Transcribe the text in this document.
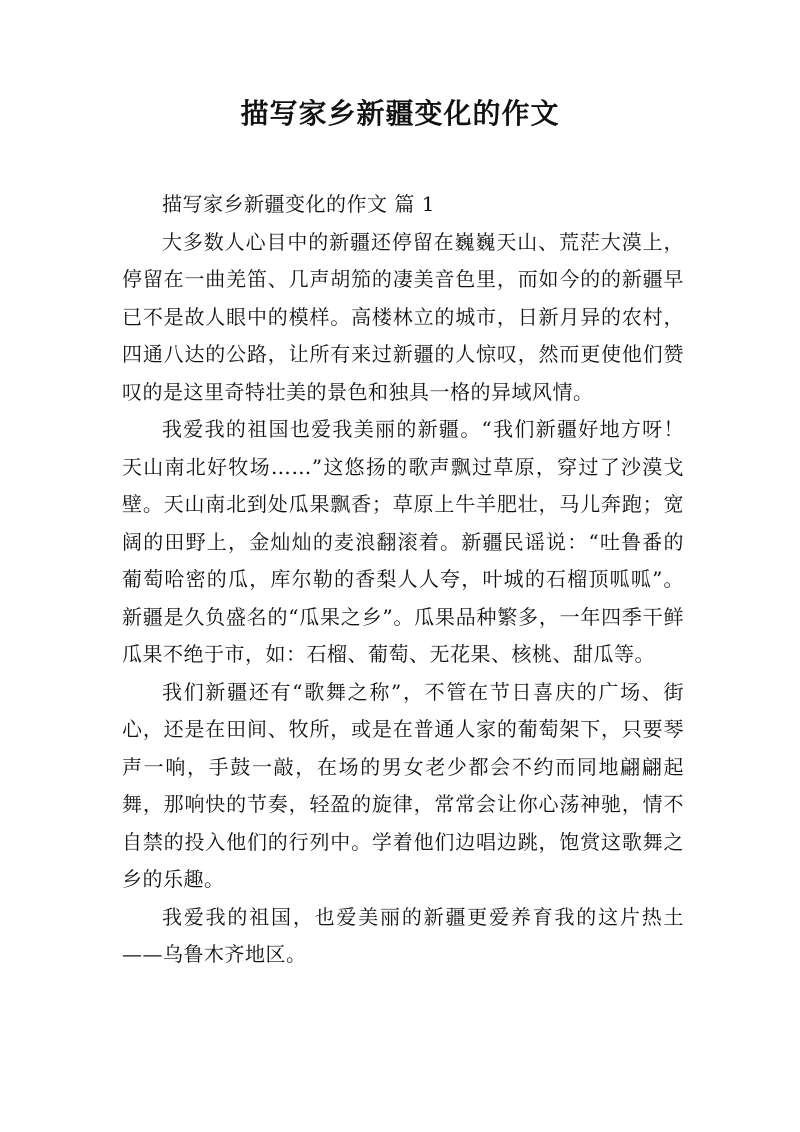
描写家乡新疆变化的作文

描写家乡新疆变化的作文 篇 1

大多数人心目中的新疆还停留在巍巍天山、荒茫大漠上，停留在一曲羌笛、几声胡笳的凄美音色里，而如今的的新疆早已不是故人眼中的模样。高楼林立的城市，日新月异的农村，四通八达的公路，让所有来过新疆的人惊叹，然而更使他们赞叹的是这里奇特壮美的景色和独具一格的异域风情。

我爱我的祖国也爱我美丽的新疆。“我们新疆好地方呀！天山南北好牧场……”这悠扬的歌声飘过草原，穿过了沙漠戈壁。天山南北到处瓜果飘香；草原上牛羊肥壮，马儿奔跑；宽阔的田野上，金灿灿的麦浪翻滚着。新疆民谣说：“吐鲁番的葡萄哈密的瓜，库尔勒的香梨人人夸，叶城的石榴顶呱呱”。新疆是久负盛名的“瓜果之乡”。瓜果品种繁多，一年四季干鲜瓜果不绝于市，如：石榴、葡萄、无花果、核桃、甜瓜等。

我们新疆还有“歌舞之称”，不管在节日喜庆的广场、街心，还是在田间、牧所，或是在普通人家的葡萄架下，只要琴声一响，手鼓一敲，在场的男女老少都会不约而同地翩翩起舞，那响快的节奏，轻盈的旋律，常常会让你心荡神驰，情不自禁的投入他们的行列中。学着他们边唱边跳，饱赏这歌舞之乡的乐趣。

我爱我的祖国，也爱美丽的新疆更爱养育我的这片热土——乌鲁木齐地区。
